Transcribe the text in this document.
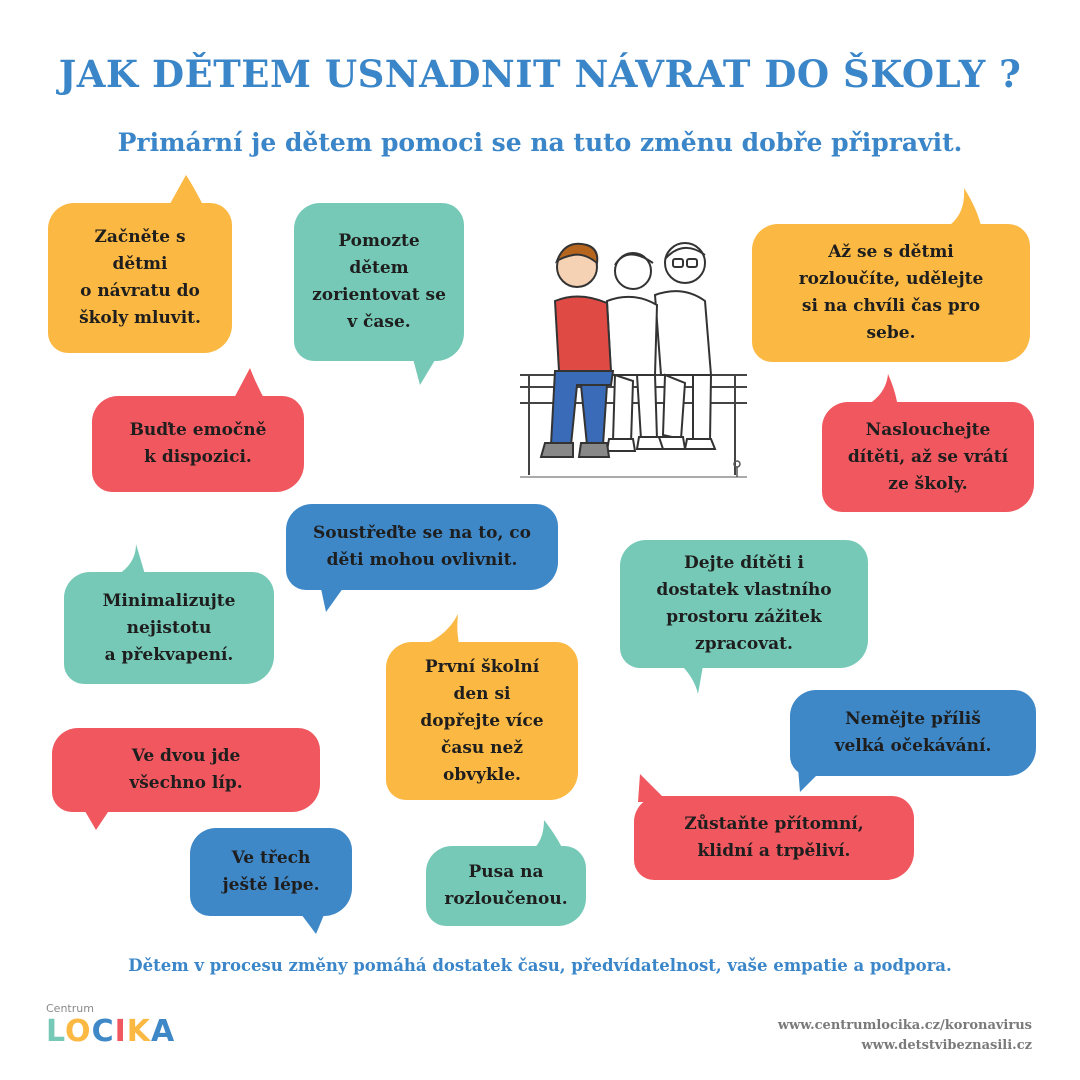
JAK DĚTEM USNADNIT NÁVRAT DO ŠKOLY ?
Primární je dětem pomoci se na tuto změnu dobře připravit.
Začněte s
dětmi
o návratu do
školy mluvit.
Pomozte
dětem
zorientovat se
v čase.
Až se s dětmi
rozloučíte, udělejte
si na chvíli čas pro
sebe.
Buďte emočně
k dispozici.
Naslouchejte
dítěti, až se vrátí
ze školy.
Soustřeďte se na to, co
děti mohou ovlivnit.	Dejte dítěti i
dostatek vlastního
prostoru zážitek
zpracovat.
Minimalizujte
nejistotu
a překvapení.
První školní
den si
dopřejte více
času než
obvykle.
Nemějte příliš
velká očekávání.
Ve dvou jde
všechno líp.
Zůstaňte přítomní,
klidní a trpěliví.
Ve třech
ještě lépe.
Pusa na
rozloučenou.
Dětem v procesu změny pomáhá dostatek času, předvídatelnost, vaše empatie a podpora.
Centrum
LOCIKA	www.centrumlocika.cz/koronavirus
www.detstvibeznasili.cz
